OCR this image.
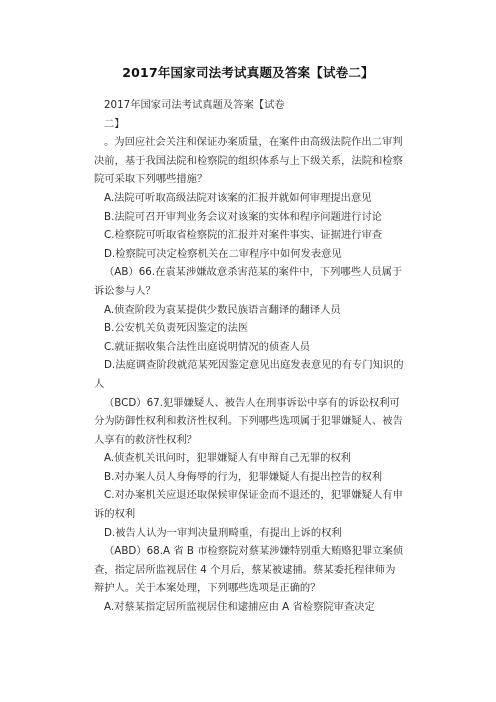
2017年国家司法考试真题及答案【试卷二】

2017年国家司法考试真题及答案【试卷

二】

。为回应社会关注和保证办案质量，在案件由高级法院作出二审判决前，基于我国法院和检察院的组织体系与上下级关系，法院和检察院可采取下列哪些措施？

A.法院可听取高级法院对该案的汇报并就如何审理提出意见

B.法院可召开审判业务会议对该案的实体和程序问题进行讨论

C.检察院可听取省检察院的汇报并对案件事实、证据进行审查

D.检察院可决定检察机关在二审程序中如何发表意见

（AB）66.在袁某涉嫌故意杀害范某的案件中，下列哪些人员属于诉讼参与人？

A.侦查阶段为袁某提供少数民族语言翻译的翻译人员

B.公安机关负责死因鉴定的法医

C.就证据收集合法性出庭说明情况的侦查人员

D.法庭调查阶段就范某死因鉴定意见出庭发表意见的有专门知识的人

（BCD）67.犯罪嫌疑人、被告人在刑事诉讼中享有的诉讼权利可分为防御性权利和救济性权利。下列哪些选项属于犯罪嫌疑人、被告人享有的救济性权利？

A.侦查机关讯问时，犯罪嫌疑人有申辩自己无罪的权利

B.对办案人员人身侮辱的行为，犯罪嫌疑人有提出控告的权利

C.对办案机关应退还取保候审保证金而不退还的，犯罪嫌疑人有申诉的权利

D.被告人认为一审判决量刑畸重，有提出上诉的权利

（ABD）68.A 省 B 市检察院对蔡某涉嫌特别重大贿赂犯罪立案侦查，指定居所监视居住 4 个月后，蔡某被逮捕。蔡某委托程律师为辩护人。关于本案处理，下列哪些选项是正确的？

A.对蔡某指定居所监视居住和逮捕应由 A 省检察院审查决定
